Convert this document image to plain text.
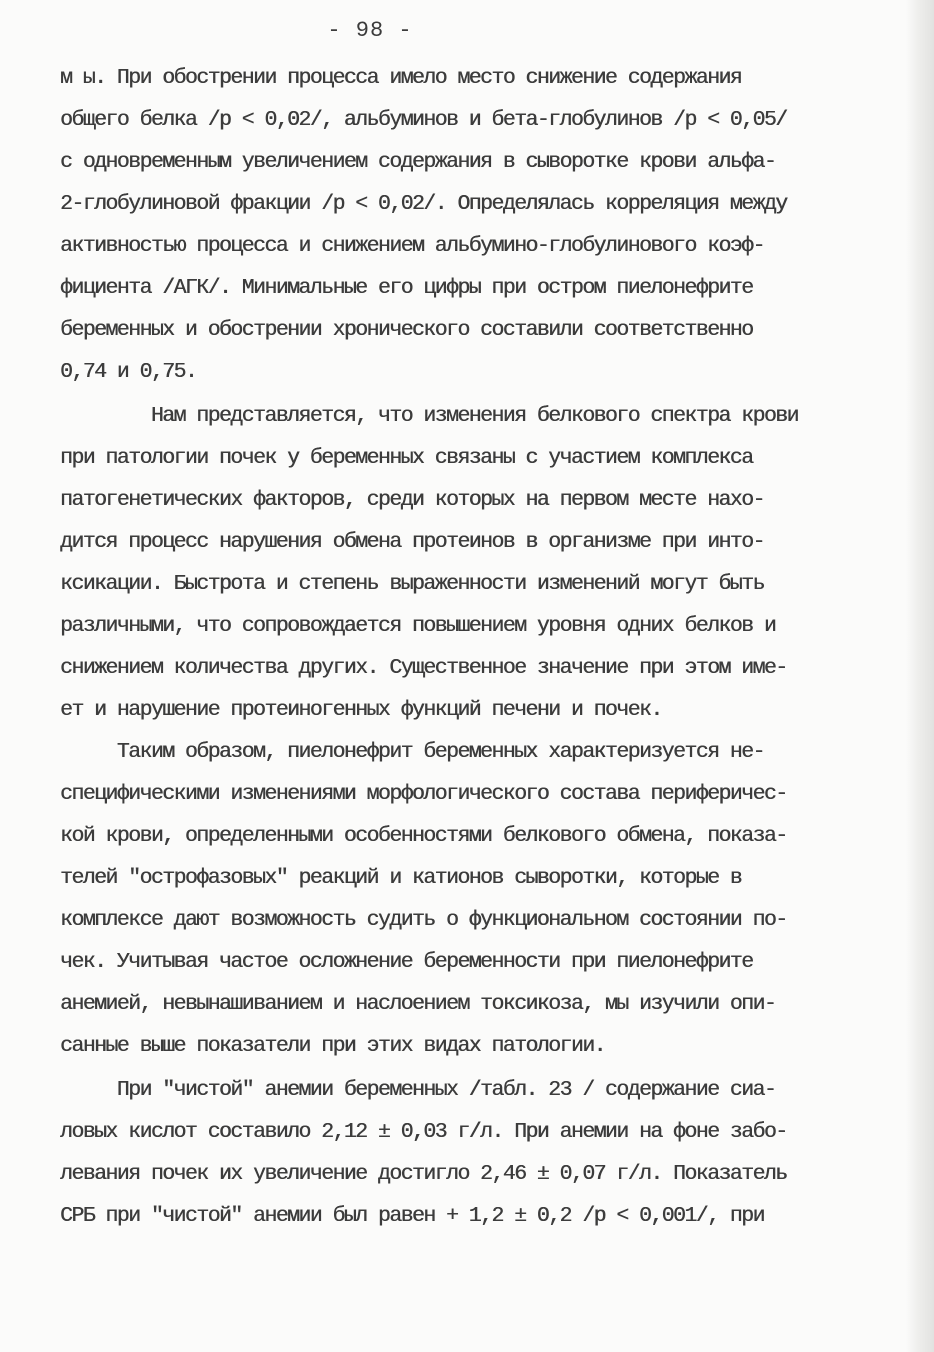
- 98 -
м ы. При обострении процесса имело место снижение содержания
общего белка /р < 0,02/, альбуминов и бета-глобулинов /р < 0,05/
с одновременным увеличением содержания в сыворотке крови альфа-
2-глобулиновой фракции /р < 0,02/. Определялась корреляция между
активностью процесса и снижением альбумино-глобулинового коэф-
фициента /АГК/. Минимальные его цифры при остром пиелонефрите
беременных и обострении хронического составили соответственно
0,74 и 0,75.
Нам представляется, что изменения белкового спектра крови
при патологии почек у беременных связаны с участием комплекса
патогенетических факторов, среди которых на первом месте нахо-
дится процесс нарушения обмена протеинов в организме при инто-
ксикации. Быстрота и степень выраженности изменений могут быть
различными, что сопровождается повышением уровня одних белков и
снижением количества других. Существенное значение при этом име-
ет и нарушение протеиногенных функций печени и почек.
Таким образом, пиелонефрит беременных характеризуется не-
специфическими изменениями морфологического состава периферичес-
кой крови, определенными особенностями белкового обмена, показа-
телей "острофазовых" реакций и катионов сыворотки, которые в
комплексе дают возможность судить о функциональном состоянии по-
чек. Учитывая частое осложнение беременности при пиелонефрите
анемией, невынашиванием и наслоением токсикоза, мы изучили опи-
санные выше показатели при этих видах патологии.
При "чистой" анемии беременных /табл. 23 / содержание сиа-
ловых кислот составило 2,12 ± 0,03 г/л. При анемии на фоне забо-
левания почек их увеличение достигло 2,46 ± 0,07 г/л. Показатель
СРБ при "чистой" анемии был равен + 1,2 ± 0,2 /р < 0,001/, при
